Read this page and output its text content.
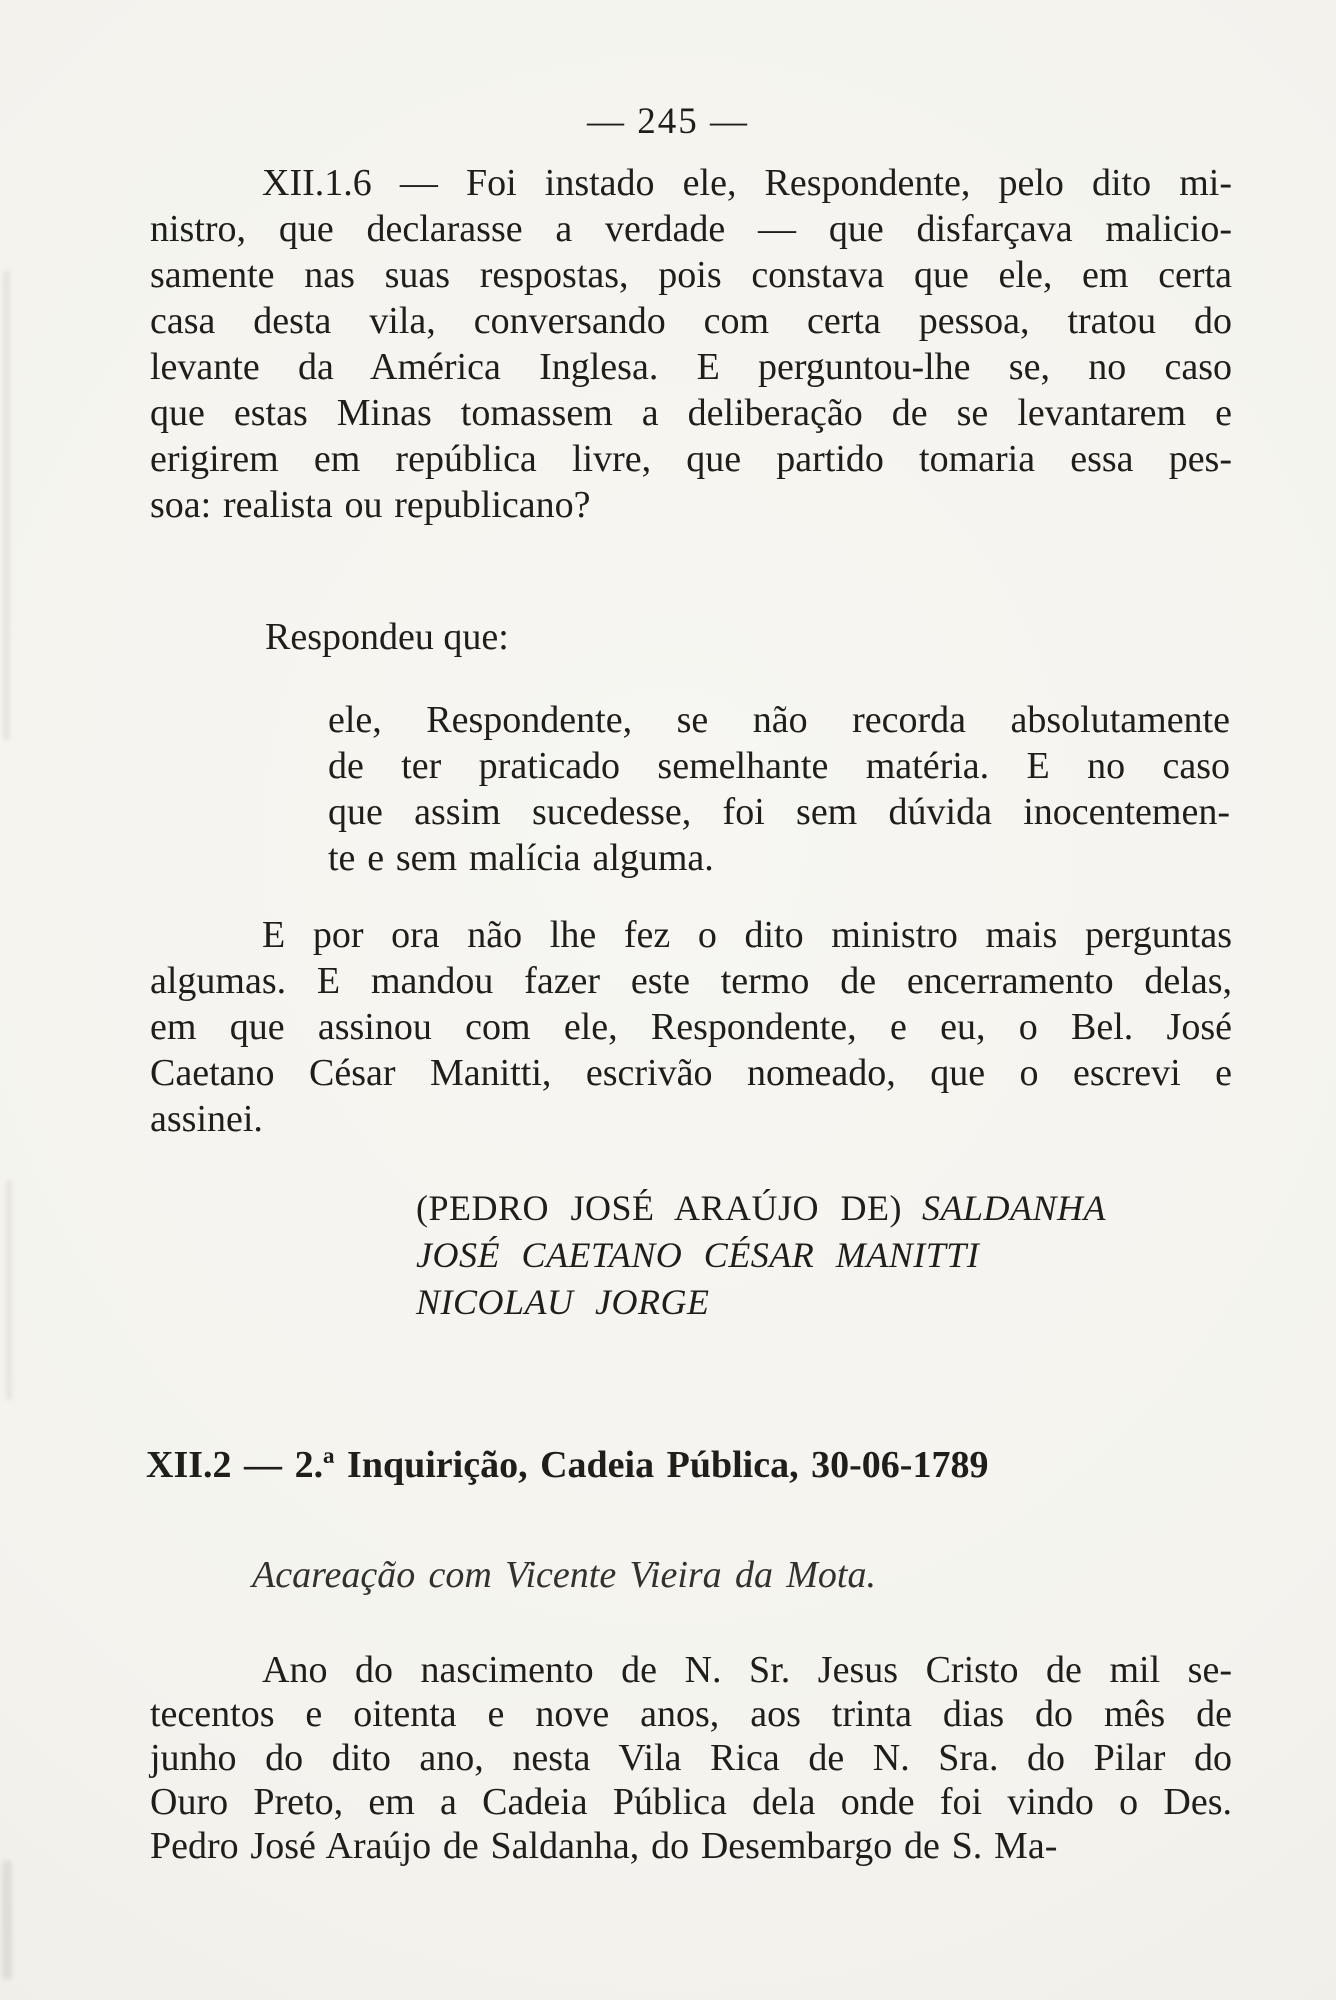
— 245 —
XII.1.6 — Foi instado ele, Respondente, pelo dito mi-
nistro, que declarasse a verdade — que disfarçava malicio-
samente nas suas respostas, pois constava que ele, em certa
casa desta vila, conversando com certa pessoa, tratou do
levante da América Inglesa. E perguntou-lhe se, no caso
que estas Minas tomassem a deliberação de se levantarem e
erigirem em república livre, que partido tomaria essa pes-
soa: realista ou republicano?
Respondeu que:
ele, Respondente, se não recorda absolutamente
de ter praticado semelhante matéria. E no caso
que assim sucedesse, foi sem dúvida inocentemen-
te e sem malícia alguma.
E por ora não lhe fez o dito ministro mais perguntas
algumas. E mandou fazer este termo de encerramento delas,
em que assinou com ele, Respondente, e eu, o Bel. José
Caetano César Manitti, escrivão nomeado, que o escrevi e
assinei.
(PEDRO JOSÉ ARAÚJO DE) SALDANHA
JOSÉ CAETANO CÉSAR MANITTI
NICOLAU JORGE
XII.2 — 2.ª Inquirição, Cadeia Pública, 30-06-1789
Acareação com Vicente Vieira da Mota.
Ano do nascimento de N. Sr. Jesus Cristo de mil se-
tecentos e oitenta e nove anos, aos trinta dias do mês de
junho do dito ano, nesta Vila Rica de N. Sra. do Pilar do
Ouro Preto, em a Cadeia Pública dela onde foi vindo o Des.
Pedro José Araújo de Saldanha, do Desembargo de S. Ma-
